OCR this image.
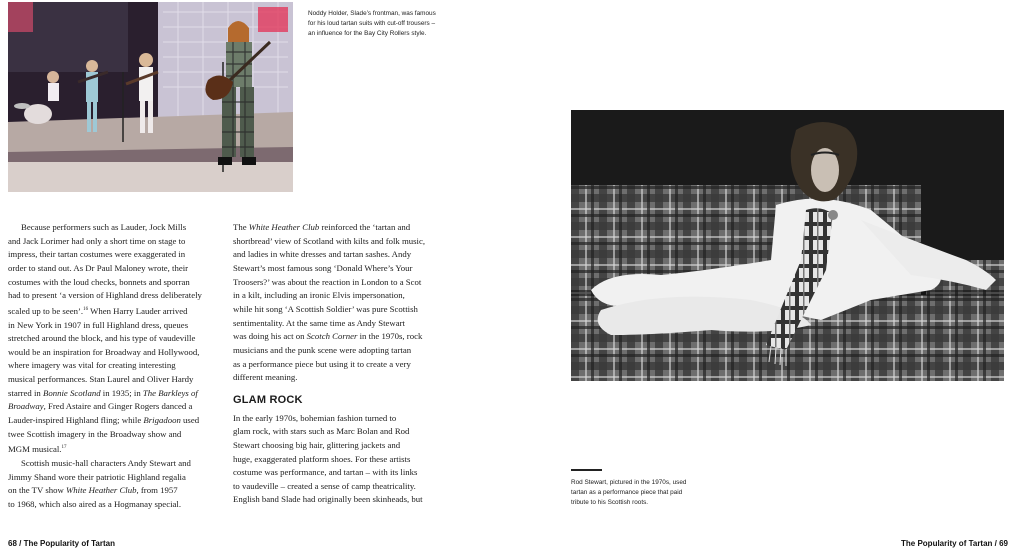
Noddy Holder, Slade’s frontman, was famous
for his loud tartan suits with cut-off trousers –
an influence for the Bay City Rollers style.

Because performers such as Lauder, Jock Mills

and Jack Lorimer had only a short time on stage to

impress, their tartan costumes were exaggerated in

order to stand out. As Dr Paul Maloney wrote, their

costumes with the loud checks, bonnets and sporran

had to present ‘a version of Highland dress deliberately

scaled up to be seen’.$^{16}$ When Harry Lauder arrived

in New York in 1907 in full Highland dress, queues

stretched around the block, and his type of vaudeville

would be an inspiration for Broadway and Hollywood,

where imagery was vital for creating interesting

musical performances. Stan Laurel and Oliver Hardy

starred in Bonnie Scotland in 1935; in The Barkleys of

Broadway, Fred Astaire and Ginger Rogers danced a

Lauder-inspired Highland fling; while Brigadoon used

twee Scottish imagery in the Broadway show and

MGM musical.$^{17}$

Scottish music-hall characters Andy Stewart and

Jimmy Shand wore their patriotic Highland regalia

on the TV show White Heather Club, from 1957

to 1968, which also aired as a Hogmanay special.

The White Heather Club reinforced the ‘tartan and

shortbread’ view of Scotland with kilts and folk music,

and ladies in white dresses and tartan sashes. Andy

Stewart’s most famous song ‘Donald Where’s Your

Troosers?’ was about the reaction in London to a Scot

in a kilt, including an ironic Elvis impersonation,

while hit song ‘A Scottish Soldier’ was pure Scottish

sentimentality. At the same time as Andy Stewart

was doing his act on Scotch Corner in the 1970s, rock

musicians and the punk scene were adopting tartan

as a performance piece but using it to create a very

different meaning.

GLAM ROCK

In the early 1970s, bohemian fashion turned to

glam rock, with stars such as Marc Bolan and Rod

Stewart choosing big hair, glittering jackets and

huge, exaggerated platform shoes. For these artists

costume was performance, and tartan – with its links

to vaudeville – created a sense of camp theatricality.

English band Slade had originally been skinheads, but

Rod Stewart, pictured in the 1970s, used
tartan as a performance piece that paid
tribute to his Scottish roots.
68 / The Popularity of Tartan	The Popularity of Tartan / 69
